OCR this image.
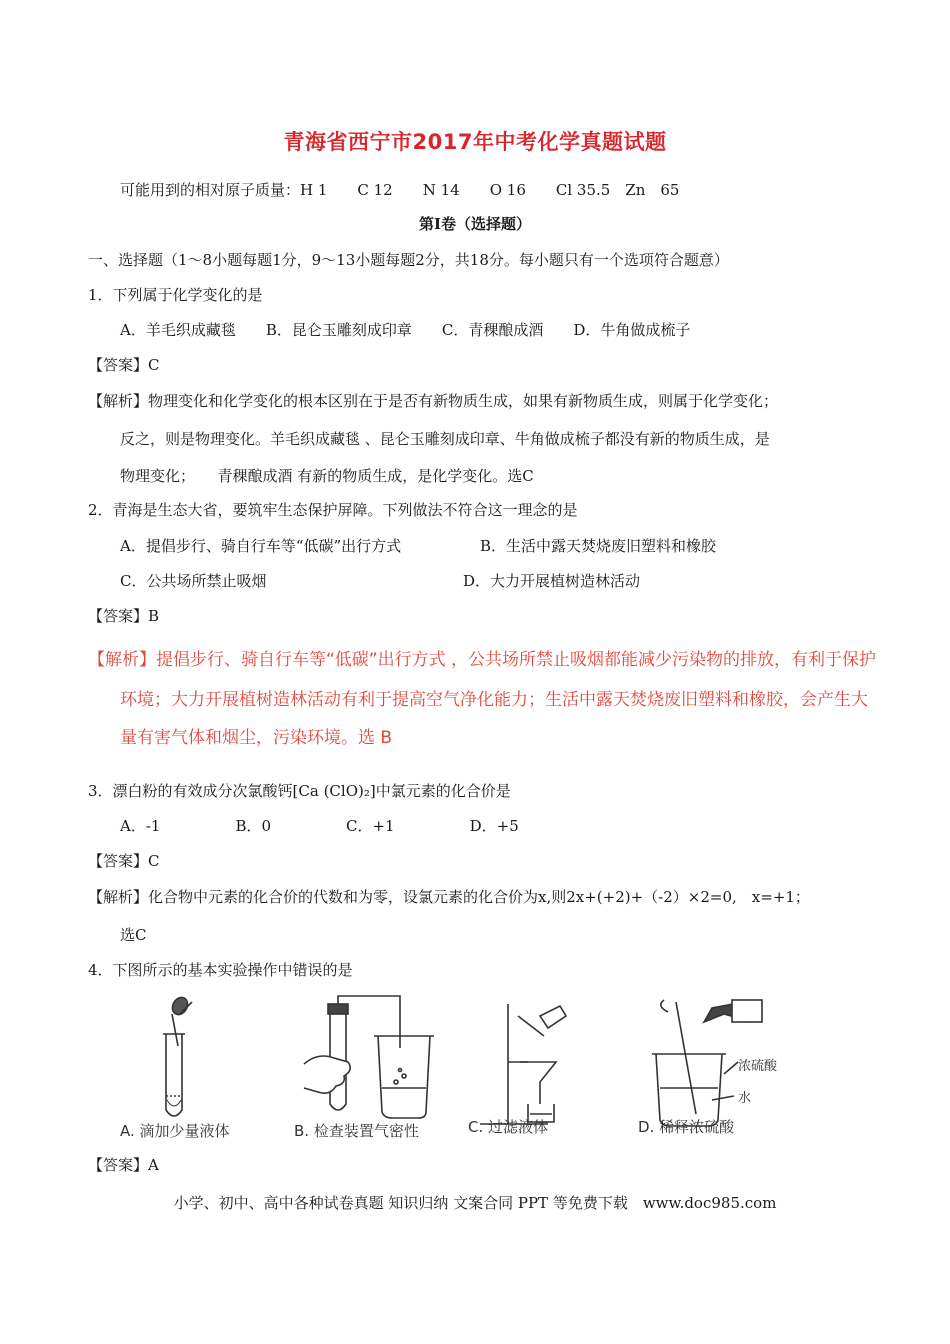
青海省西宁市2017年中考化学真题试题
可能用到的相对原子质量：H 1　　C 12　　N 14　　O 16　　Cl 35.5　Zn　65
第Ⅰ卷（选择题）
一、选择题（1～8小题每题1分，9～13小题每题2分，共18分。每小题只有一个选项符合题意）
1．下列属于化学变化的是
A．羊毛织成藏毯　　B．昆仑玉雕刻成印章　　C．青稞酿成酒　　D．牛角做成梳子
【答案】C
【解析】物理变化和化学变化的根本区别在于是否有新物质生成，如果有新物质生成，则属于化学变化；
反之，则是物理变化。羊毛织成藏毯 、昆仑玉雕刻成印章、牛角做成梳子都没有新的物质生成，是
物理变化；　　青稞酿成酒 有新的物质生成，是化学变化。选C
2．青海是生态大省，要筑牢生态保护屏障。下列做法不符合这一理念的是
A．提倡步行、骑自行车等“低碳”出行方式	B．生活中露天焚烧废旧塑料和橡胶
C．公共场所禁止吸烟	D．大力开展植树造林活动
【答案】B
【解析】提倡步行、骑自行车等“低碳”出行方式 ，公共场所禁止吸烟都能减少污染物的排放，有利于保护
环境；大力开展植树造林活动有利于提高空气净化能力；生活中露天焚烧废旧塑料和橡胶，会产生大
量有害气体和烟尘，污染环境。选 B
3．漂白粉的有效成分次氯酸钙[Ca (ClO)₂]中氯元素的化合价是
A．-1　　　　　B．0　　　　　C．+1　　　　　D．+5
【答案】C
【解析】化合物中元素的化合价的代数和为零，设氯元素的化合价为x,则2x+(+2)+（-2）×2=0,　x=+1；
选C
4．下图所示的基本实验操作中错误的是
A. 滴加少量液体	B. 检查装置气密性	C. 过滤液体	D. 稀释浓硫酸
浓硫酸
水
【答案】A
小学、初中、高中各种试卷真题 知识归纳 文案合同 PPT 等免费下载　www.doc985.com
